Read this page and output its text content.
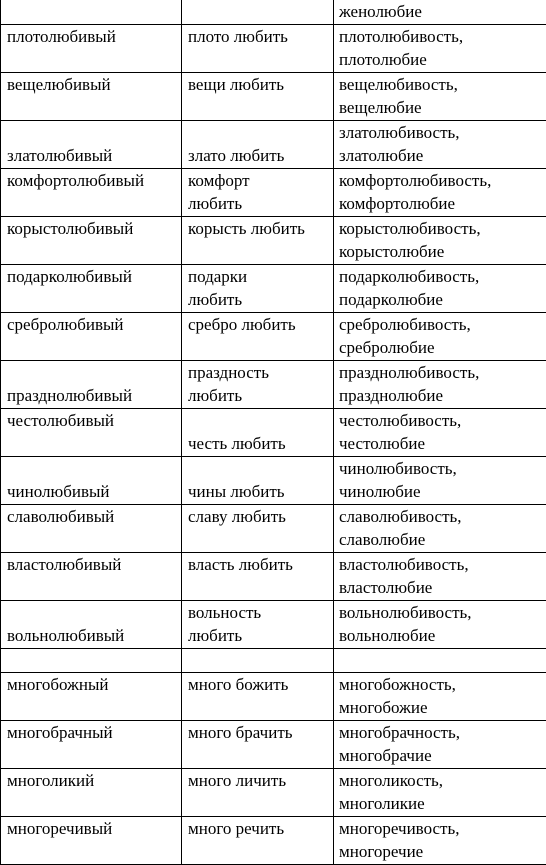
		женолюбие

плотолюбивый	плото любить	плотолюбивость,
плотолюбие

вещелюбивый	вещи любить	вещелюбивость,
вещелюбие

златолюбивый	злато любить	златолюбивость,
златолюбие

комфортолюбивый	комфорт
любить	комфортолюбивость,
комфортолюбие

корыстолюбивый	корысть любить	корыстолюбивость,
корыстолюбие

подарколюбивый	подарки
любить	подарколюбивость,
подарколюбие

сребролюбивый	сребро любить	сребролюбивость,
сребролюбие

празднолюбивый	праздность
любить	празднолюбивость,
празднолюбие

честолюбивый	честь любить	честолюбивость,
честолюбие

чинолюбивый	чины любить	чинолюбивость,
чинолюбие

славолюбивый	славу любить	славолюбивость,
славолюбие

властолюбивый	власть любить	властолюбивость,
властолюбие

вольнолюбивый	вольность
любить	вольнолюбивость,
вольнолюбие

многобожный	много божить	многобожность,
многобожие

многобрачный	много брачить	многобрачность,
многобрачие

многоликий	много личить	многоликость,
многоликие

многоречивый	много речить	многоречивость,
многоречие
